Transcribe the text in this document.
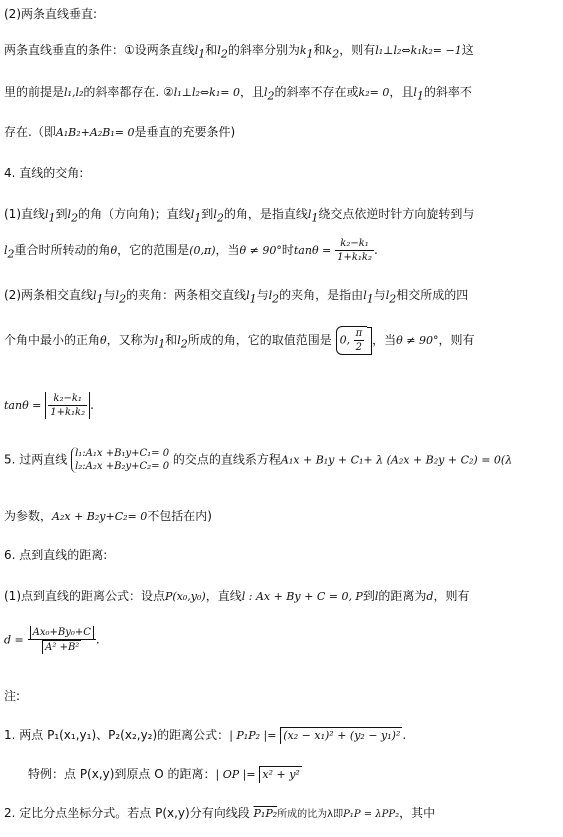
(2)两条直线垂直:
两条直线垂直的条件：①设两条直线$l_1$和$l_2$的斜率分别为$k_1$和$k_2$，则有l₁⊥l₂⇔k₁k₂= −1这
里的前提是l₁,l₂的斜率都存在. ②l₁⊥l₂⇔k₁= 0，且$l_2$的斜率不存在或k₂= 0，且$l_1$的斜率不
存在.（即A₁B₂+A₂B₁= 0是垂直的充要条件)
4. 直线的交角:
(1)直线$l_1$到$l_2$的角（方向角)；直线$l_1$到$l_2$的角，是指直线$l_1$绕交点依逆时针方向旋转到与
$l_2$重合时所转动的角θ，它的范围是(0,π)，当θ ≠ 90°时$\tan\theta = \frac{\text{k₂−k₁}}{\text{1+k₁k₂}}$ .
(2)两条相交直线$l_1$与$l_2$的夹角：两条相交直线$l_1$与$l_2$的夹角，是指由$l_1$与$l_2$相交所成的四
个角中最小的正角θ，又称为$l_1$和$l_2$所成的角，它的取值范围是 0, $\frac{\pi}{2}$ ，当θ ≠ 90°，则有
$\tan\theta = \frac{\text{k₂−k₁}}{\text{1+k₁k₂}}$ .
5. 过两直线 l₁:A₁x +B₁y+C₁= 0
l₂:A₂x +B₂y+C₂= 0 的交点的直线系方程A₁x + B₁y + C₁+ λ (A₂x + B₂y + C₂) = 0(λ
为参数，A₂x + B₂y+C₂= 0不包括在内)
6. 点到直线的距离:
(1)点到直线的距离公式：设点P(x₀,y₀)，直线l : Ax + By + C = 0, P到l的距离为d，则有
$d = \frac{\text{Ax₀+By₀+C}}{\text{A² +B²}}$ .
注:
1. 两点 P₁(x₁,y₁)、P₂(x₂,y₂)的距离公式：| P₁P₂ |= (x₂ − x₁)² + (y₂ − y₁)² .
特例：点 P(x,y)到原点 O 的距离：| OP |= x² + y²
2. 定比分点坐标分式。若点 P(x,y)分有向线段 P₁P₂所成的比为λ即P₁P = λPP₂，其中
